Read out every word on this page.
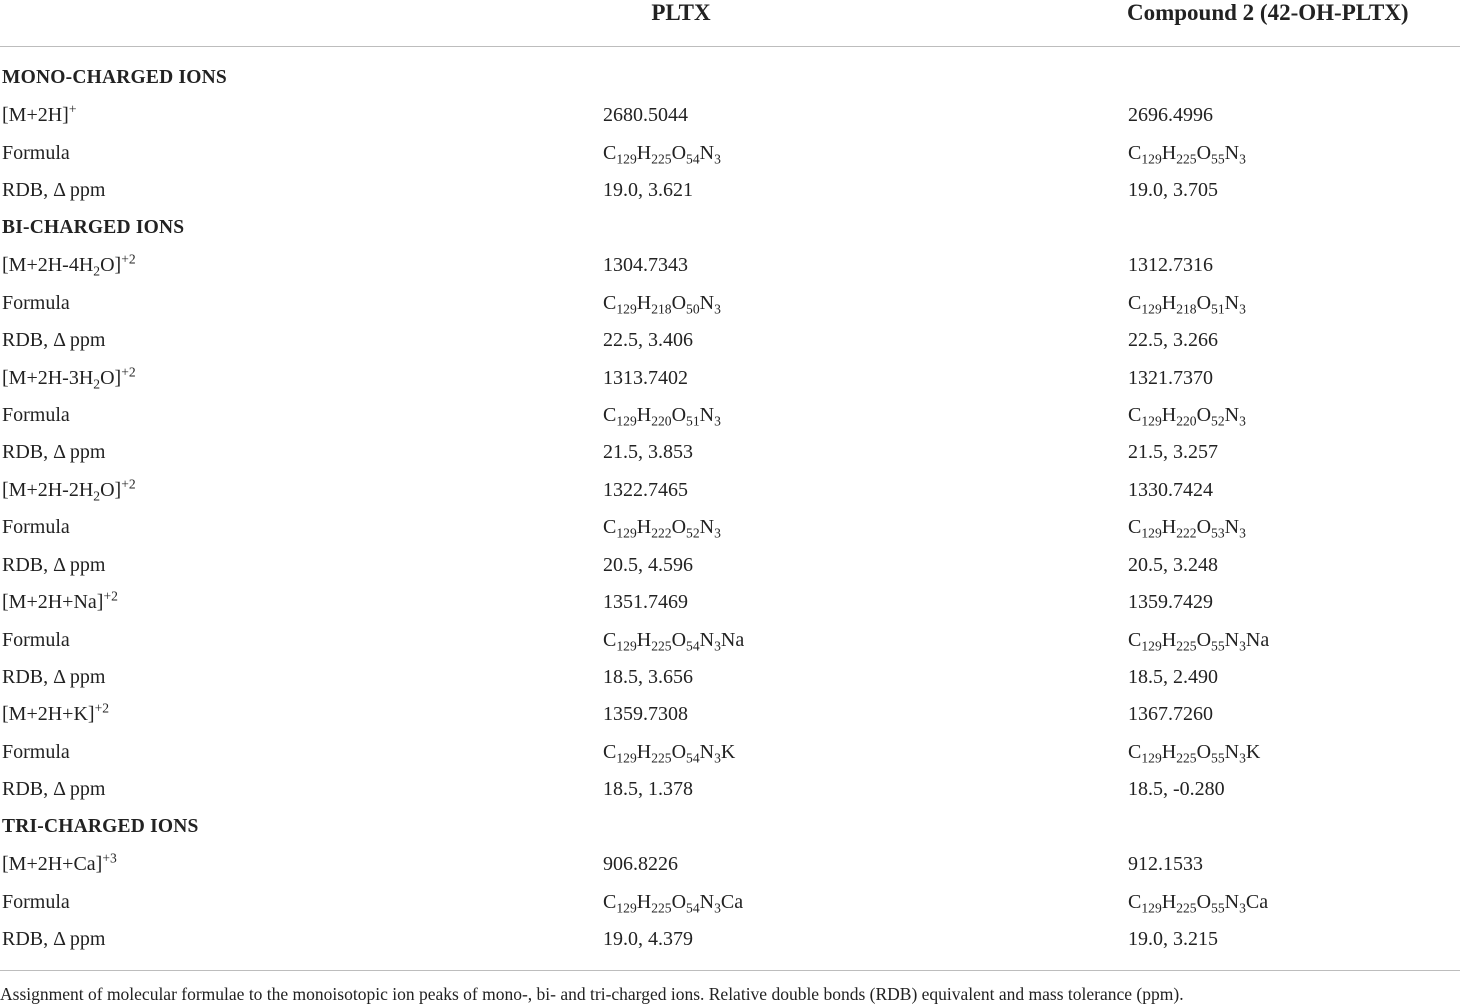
PLTX	Compound 2 (42-OH-PLTX)
MONO-CHARGED IONS
[M+2H]+	2680.5044	2696.4996
Formula	$C_{129}H_{225}O_{54}N_3$	$C_{129}H_{225}O_{55}N_3$
RDB, Δ ppm	19.0, 3.621	19.0, 3.705
BI-CHARGED IONS
$[M+2H-4H_2O]^{+2}$	1304.7343	1312.7316
Formula	$C_{129}H_{218}O_{50}N_3$	$C_{129}H_{218}O_{51}N_3$
RDB, Δ ppm	22.5, 3.406	22.5, 3.266
$[M+2H-3H_2O]^{+2}$	1313.7402	1321.7370
Formula	$C_{129}H_{220}O_{51}N_3$	$C_{129}H_{220}O_{52}N_3$
RDB, Δ ppm	21.5, 3.853	21.5, 3.257
$[M+2H-2H_2O]^{+2}$	1322.7465	1330.7424
Formula	$C_{129}H_{222}O_{52}N_3$	$C_{129}H_{222}O_{53}N_3$
RDB, Δ ppm	20.5, 4.596	20.5, 3.248
$[M+2H+Na]^{+2}$	1351.7469	1359.7429
Formula	$C_{129}H_{225}O_{54}N_3Na$	$C_{129}H_{225}O_{55}N_3Na$
RDB, Δ ppm	18.5, 3.656	18.5, 2.490
$[M+2H+K]^{+2}$	1359.7308	1367.7260
Formula	$C_{129}H_{225}O_{54}N_3K$	$C_{129}H_{225}O_{55}N_3K$
RDB, Δ ppm	18.5, 1.378	18.5, -0.280
TRI-CHARGED IONS
$[M+2H+Ca]^{+3}$	906.8226	912.1533
Formula	$C_{129}H_{225}O_{54}N_3Ca$	$C_{129}H_{225}O_{55}N_3Ca$
RDB, Δ ppm	19.0, 4.379	19.0, 3.215
Assignment of molecular formulae to the monoisotopic ion peaks of mono-, bi- and tri-charged ions. Relative double bonds (RDB) equivalent and mass tolerance (ppm).
